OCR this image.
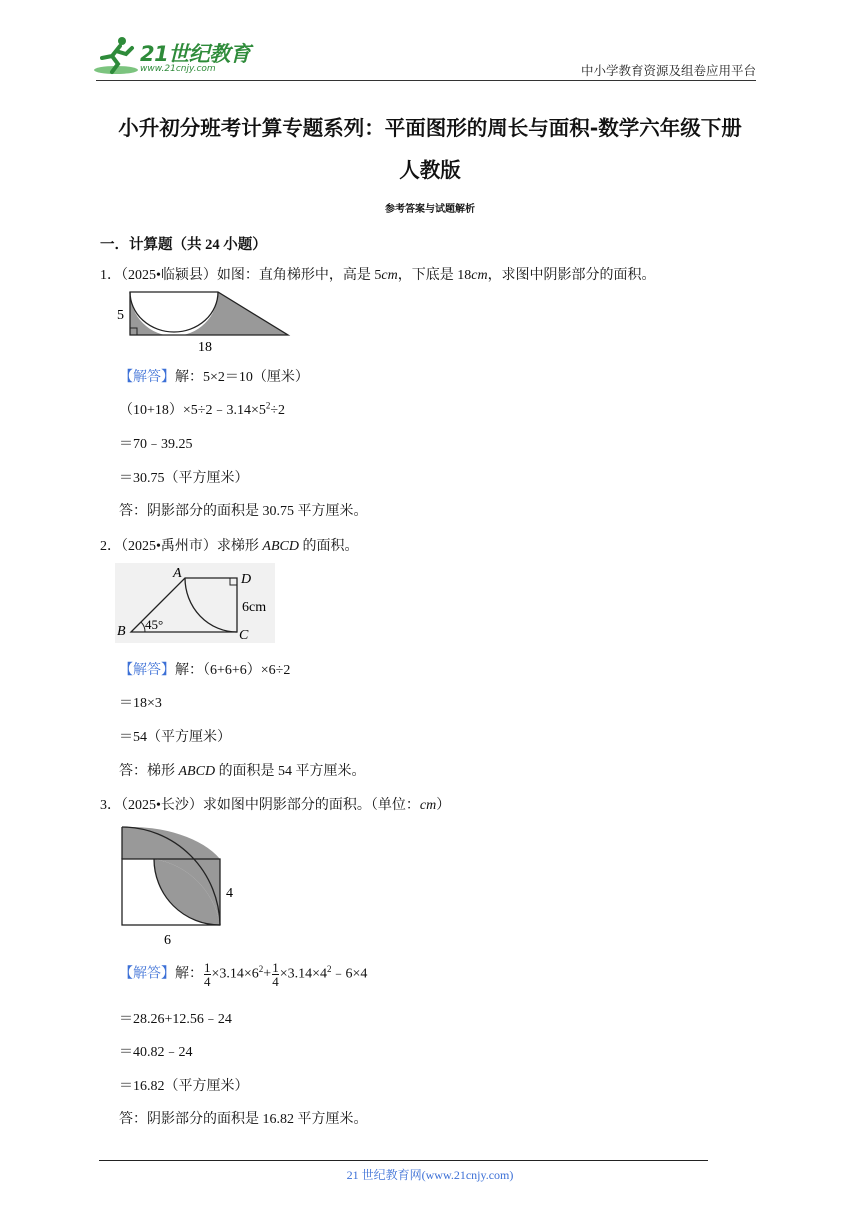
21世纪教育
www.21cnjy.com	中小学教育资源及组卷应用平台
小升初分班考计算专题系列：平面图形的周长与面积-数学六年级下册
人教版
参考答案与试题解析
一．计算题（共 24 小题）
1．（2025•临颍县）如图：直角梯形中，高是 5cm，下底是 18cm，求图中阴影部分的面积。
5
18
【解答】解：5×2＝10（厘米）
$(10+18)\times 5\div 2﹣3.14\times 5^2\div 2$
＝70﹣39.25
＝30.75（平方厘米）
答：阴影部分的面积是 30.75 平方厘米。
2．（2025•禹州市）求梯形 ABCD 的面积。
A	D
B	C
45°
6cm
【解答】解：（6+6+6）×6÷2
＝18×3
＝54（平方厘米）
答：梯形 ABCD 的面积是 54 平方厘米。
3．（2025•长沙）求如图中阴影部分的面积。（单位：cm）
4
6
【解答】解： $\frac{1}{4} \times 3.14\times 6^2+ \frac{1}{4}$ $\times 3.14\times 4^2﹣6\times 4$
＝28.26+12.56﹣24
＝40.82﹣24
＝16.82（平方厘米）
答：阴影部分的面积是 16.82 平方厘米。
21 世纪教育网(www.21cnjy.com)
